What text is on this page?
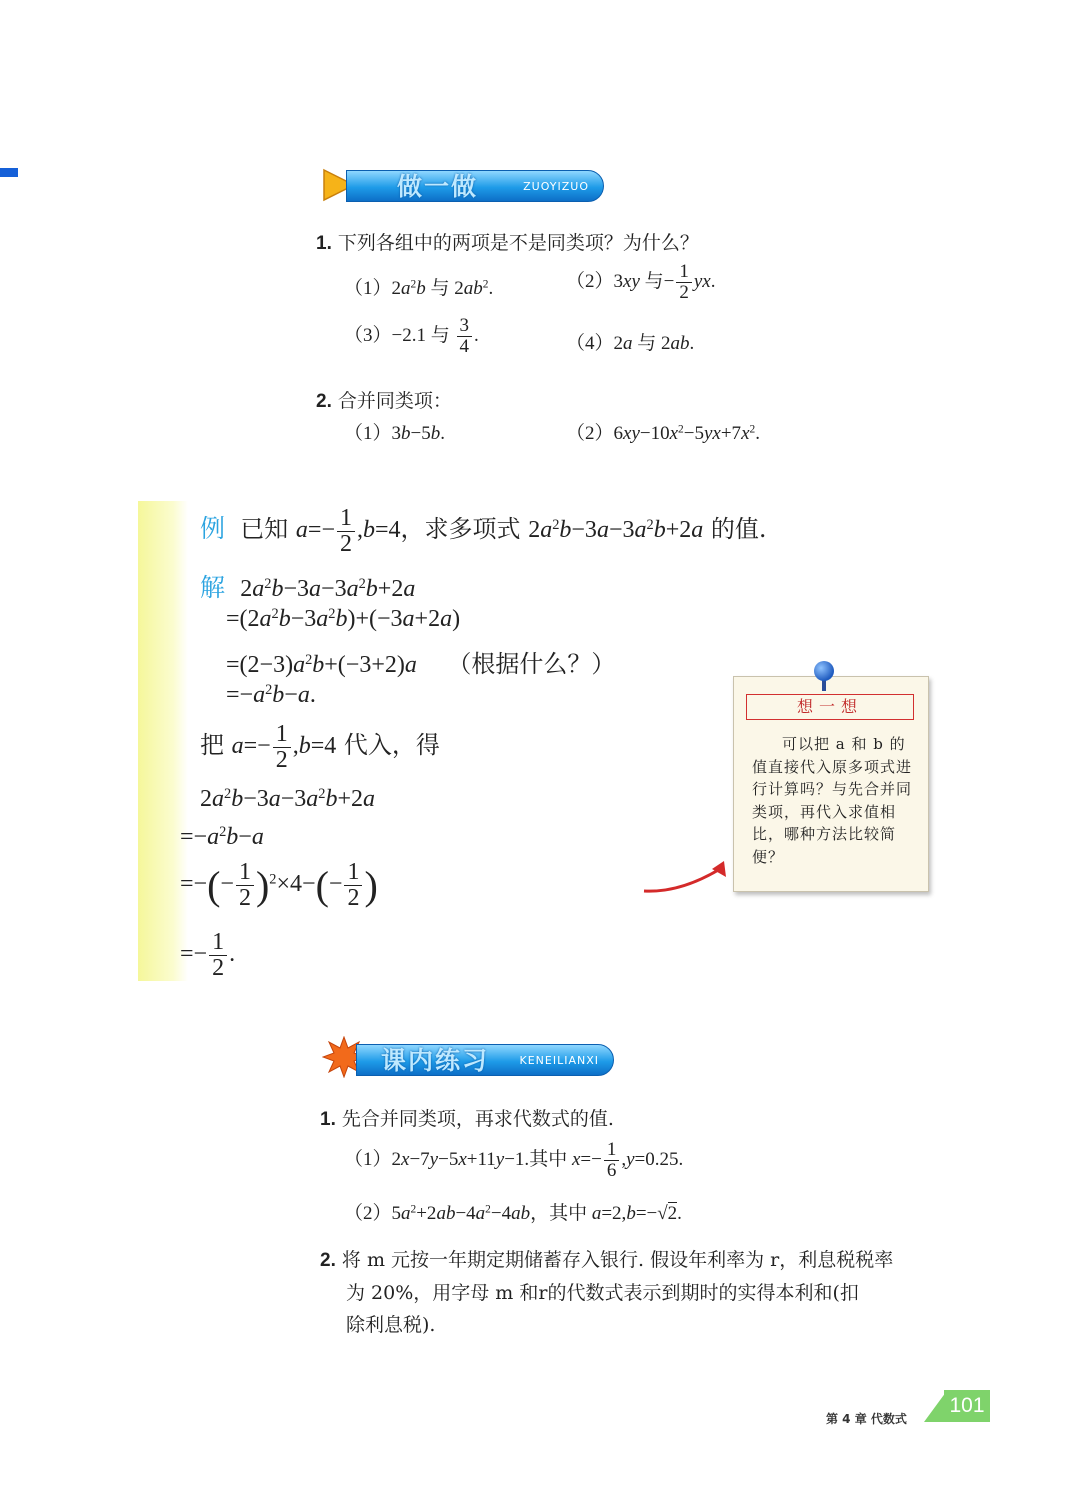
做一做	ZUOYIZUO
1. 下列各组中的两项是不是同类项？为什么？
$(1)2a^2b$ 与 $2ab^2$.	（2）3xy 与− $\frac{1}{2}$ yx.
（3）−2.1 与 $\frac{3}{4}$ .	（4）2a 与 2ab.
2. 合并同类项：
（1）3b−5b.	$(2)6xy-10x^2-5yx+7x^2$.
例 已知 $a=- \frac{1}{2} ,b=4$，求多项式 $2a^2b-3a-3a^2b+2a$ 的值.
解 $2a^2b-3a-3a^2b+2a$
$=(2a^2b-3a^2b)+(-3a+2a)$
$=(2-3)a^2b+(-3+2)a$ （根据什么？）
$=-a^2b-a$.
把 $a=- \frac{1}{2} ,b=4$ 代入，得
$2a^2b-3a-3a^2b+2a$
$=-a^2b-a$
=−(− $\frac{1}{2} )^2\times 4-(- \frac{1}{2}$ )
=− $\frac{1}{2}$ .
想一想
可以把 a 和 b 的值直接代入原多项式进行计算吗？与先合并同类项，再代入求值相比，哪种方法比较简便？
课内练习	KENEILIANXI
1. 先合并同类项，再求代数式的值.
（1）2x−7y−5x+11y−1.其中 $x=- \frac{1}{6} ,y=0.25$.
$(2)5a^2+2ab-4a^2-4ab$，其中 a=2,b=−√2.
2. 将 m 元按一年期定期储蓄存入银行. 假设年利率为 r，利息税税率
为 20%，用字母 m 和r的代数式表示到期时的实得本利和(扣
除利息税).
第 4 章 代数式
101
